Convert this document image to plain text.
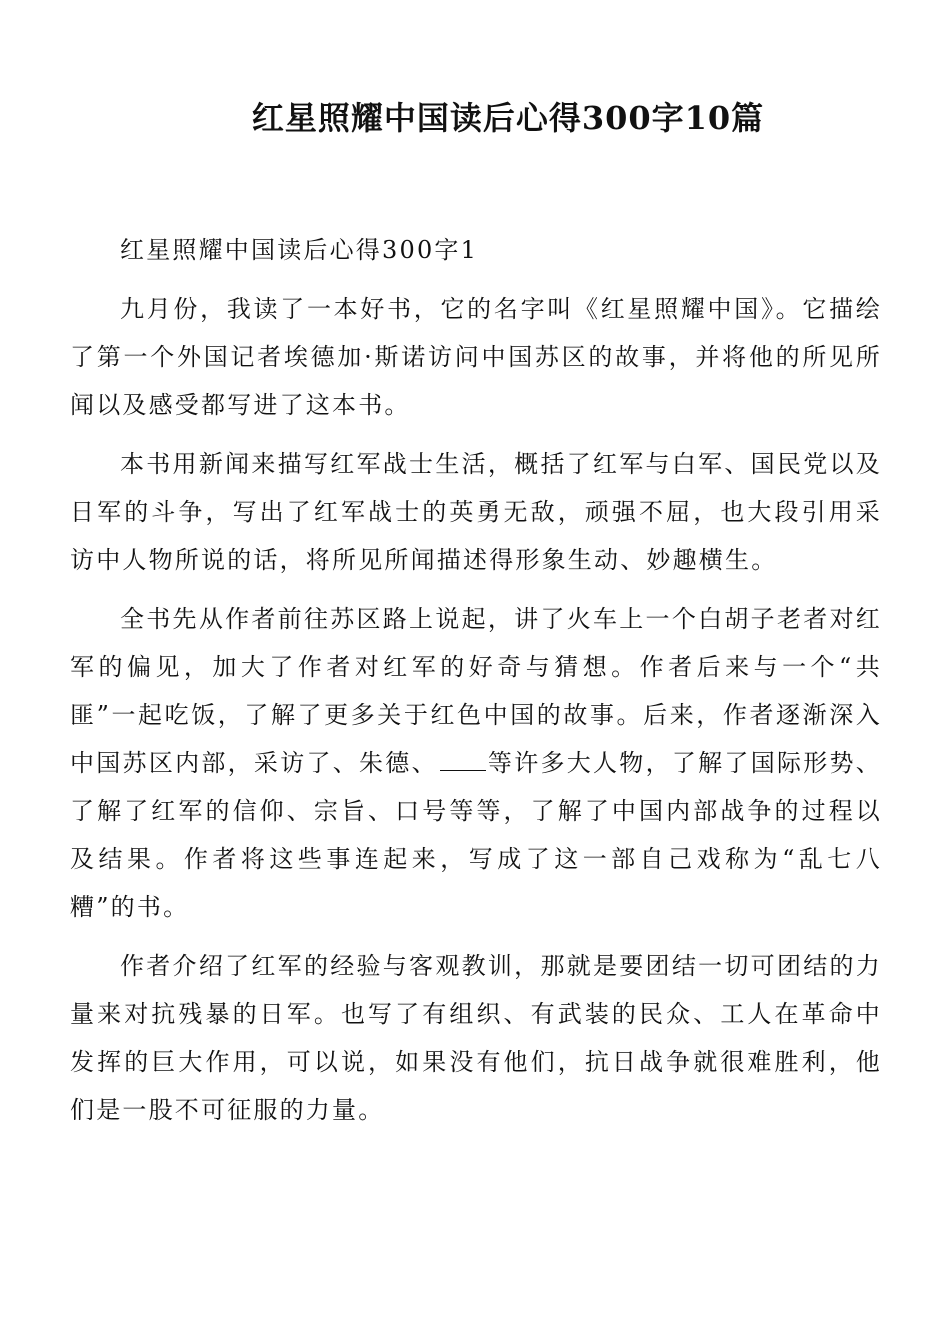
红星照耀中国读后心得300字10篇

红星照耀中国读后心得300字1

九月份，我读了一本好书，它的名字叫《红星照耀中国》。它描绘了第一个外国记者埃德加·斯诺访问中国苏区的故事，并将他的所见所闻以及感受都写进了这本书。

本书用新闻来描写红军战士生活，概括了红军与白军、国民党以及日军的斗争，写出了红军战士的英勇无敌，顽强不屈，也大段引用采访中人物所说的话，将所见所闻描述得形象生动、妙趣横生。

全书先从作者前往苏区路上说起，讲了火车上一个白胡子老者对红军的偏见，加大了作者对红军的好奇与猜想。作者后来与一个“共匪”一起吃饭，了解了更多关于红色中国的故事。后来，作者逐渐深入中国苏区内部，采访了、朱德、 等许多大人物，了解了国际形势、了解了红军的信仰、宗旨、口号等等，了解了中国内部战争的过程以及结果。作者将这些事连起来，写成了这一部自己戏称为“乱七八糟”的书。

作者介绍了红军的经验与客观教训，那就是要团结一切可团结的力量来对抗残暴的日军。也写了有组织、有武装的民众、工人在革命中发挥的巨大作用，可以说，如果没有他们，抗日战争就很难胜利，他们是一股不可征服的力量。
